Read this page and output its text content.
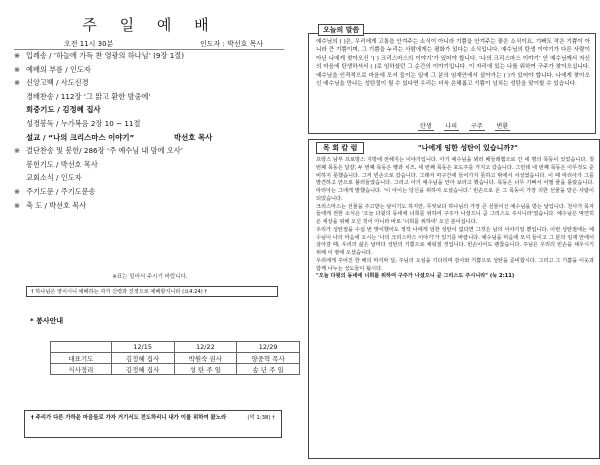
주 일 예 배
오전 11시 30분	인도자 : 박선호 목사
※ 입례송 / ‘하늘에 가득 찬 영광의 하나님’ (9장 1절)
※ 예배의 부름 / 인도자
※ 신앙고백 / 사도신경
경배찬송 / 112장 ‘그 맑고 환한 밤중에’
회중기도 / 김정혜 집사
성경봉독 / 누가복음 2장 10 ~ 11절
설교 / “나의 크리스마스 이야기”	박선호 목사
※ 결단찬송 및 봉헌/ 286장 ‘주 예수님 내 맘에 오사’
봉헌기도 / 박선호 목사
교회소식 / 인도자
※ 주기도문 / 주기도문송
※ 축 도 / 박선호 목사
※표는 일어서 주시기 바랍니다.
† 하나님은 영이시니 예배하는 자가 신령과 진정으로 예배할지니라 (요4:24) †
* 봉사안내
	12/15	12/22	12/29
대표기도	김정혜 집사	박원숙 권사	양중혁 목사
식사정리	김정혜 집사	성 탄 주 일	송 년 주 일
† 주리가 다른 가하윤 마음들로 가자 거기서도 전도하리니 내가 이를 위하여 왔노라	(막 1:38) †
오늘의 말씀
예수님의 ( )은, 우리에게 고통을 안겨주는 소식이 아니라 기쁨을 안겨주는 좋은 소식이요, 기뻐도 작은 기쁨이 아니라 큰 기쁨이며, 그 기쁨을 누리는 사람에게는 평화가 있다는 소식입니다. 예수님의 탄생 이야기가 다른 사람이 아닌 나에게 찾아오신 ‘( ) 크리스마스의 이야기’가 있어야 합니다. ‘나의 크리스마스 이야기’ 안 예수님께서 자신의 마음에 탄생하셔서 ( )로 임하셨던 그 순간의 이야기입니다. 이 자리에 있는 나를 위하여 구주가 찾아오십니다. 예수님을 인격적으로 마음에 모셔 들이는 일에 그 분의 임재안에서 살아가는 ( )가 있어야 합니다. 나에게 찾아오신 예수님을 만나는 성탄절이 될 수 있다면 우리는 더욱 은혜롭고 기쁨이 넘치는 성탄을 맞이할 수 있습니다.
탄생 나의 구주 변환
목 회 칼 럼	"나에게 임한 성탄이 있습니까?"
프랑스 남부 프로방스 지방에 전해지는 이야기입니다. 아기 예수님을 뵈러 베들레헴으로 간 네 명의 목동이 있었습니다. 첫 번째 목동은 달걀, 두 번째 목동은 빵과 치즈, 세 번째 목동은 포도주를 가지고 갔습니다. 그런데 네 번째 목동은 아무것도 준비하지 못했습니다. 그저 빈손으로 갔습니다. 그래서 마구간에 들어가지 못하고 밖에서 서성였습니다. 이 때 마리아가 그를 발견하고 안으로 불러들였습니다. 그리고 아기 예수님을 안아 보라고 했습니다. 목동은 너무 기뻐서 어쩔 줄을 몰랐습니다. 마리아는 그에게 말했습니다. '이 아이는 당신을 위하여 오셨습니다.' 빈손으로 온 그 목동이 가장 귀한 선물을 받은 사람이 되었습니다.
크리스마스는 선물을 주고받는 날이기도 하지만, 무엇보다 하나님의 가장 큰 선물이신 예수님을 받는 날입니다. 천사가 목자들에게 전한 소식은 '오늘 다윗의 동네에 너희를 위하여 구주가 나셨으니 곧 그리스도 주시니라'였습니다. 예수님은 막연히 온 세상을 위해 오신 것이 아니라 바로 '너희를 위하여' 오신 분이십니다.
우리가 성탄절을 수십 번 맞이했어도 정작 나에게 임한 성탄이 없다면 그것은 남의 이야기일 뿐입니다. 이번 성탄절에는 예수님이 나의 마음에 오시는 '나의 크리스마스 이야기'가 있기를 바랍니다. 예수님을 마음에 모셔 들이고 그 분의 임재 안에서 살아갈 때, 우리의 삶은 날마다 성탄의 기쁨으로 채워질 것입니다. 빈손이어도 괜찮습니다. 주님은 우리의 빈손을 채우시기 위해 이 땅에 오셨습니다.
우리에게 주어진 한 해의 마지막 달, 주님의 오심을 기다리며 감사와 기쁨으로 성탄을 준비합시다. 그리고 그 기쁨을 이웃과 함께 나누는 성도들이 됩시다.
"오늘 다윗의 동네에 너희를 위하여 구주가 나셨으니 곧 그리스도 주시니라" (눅 2:11)
